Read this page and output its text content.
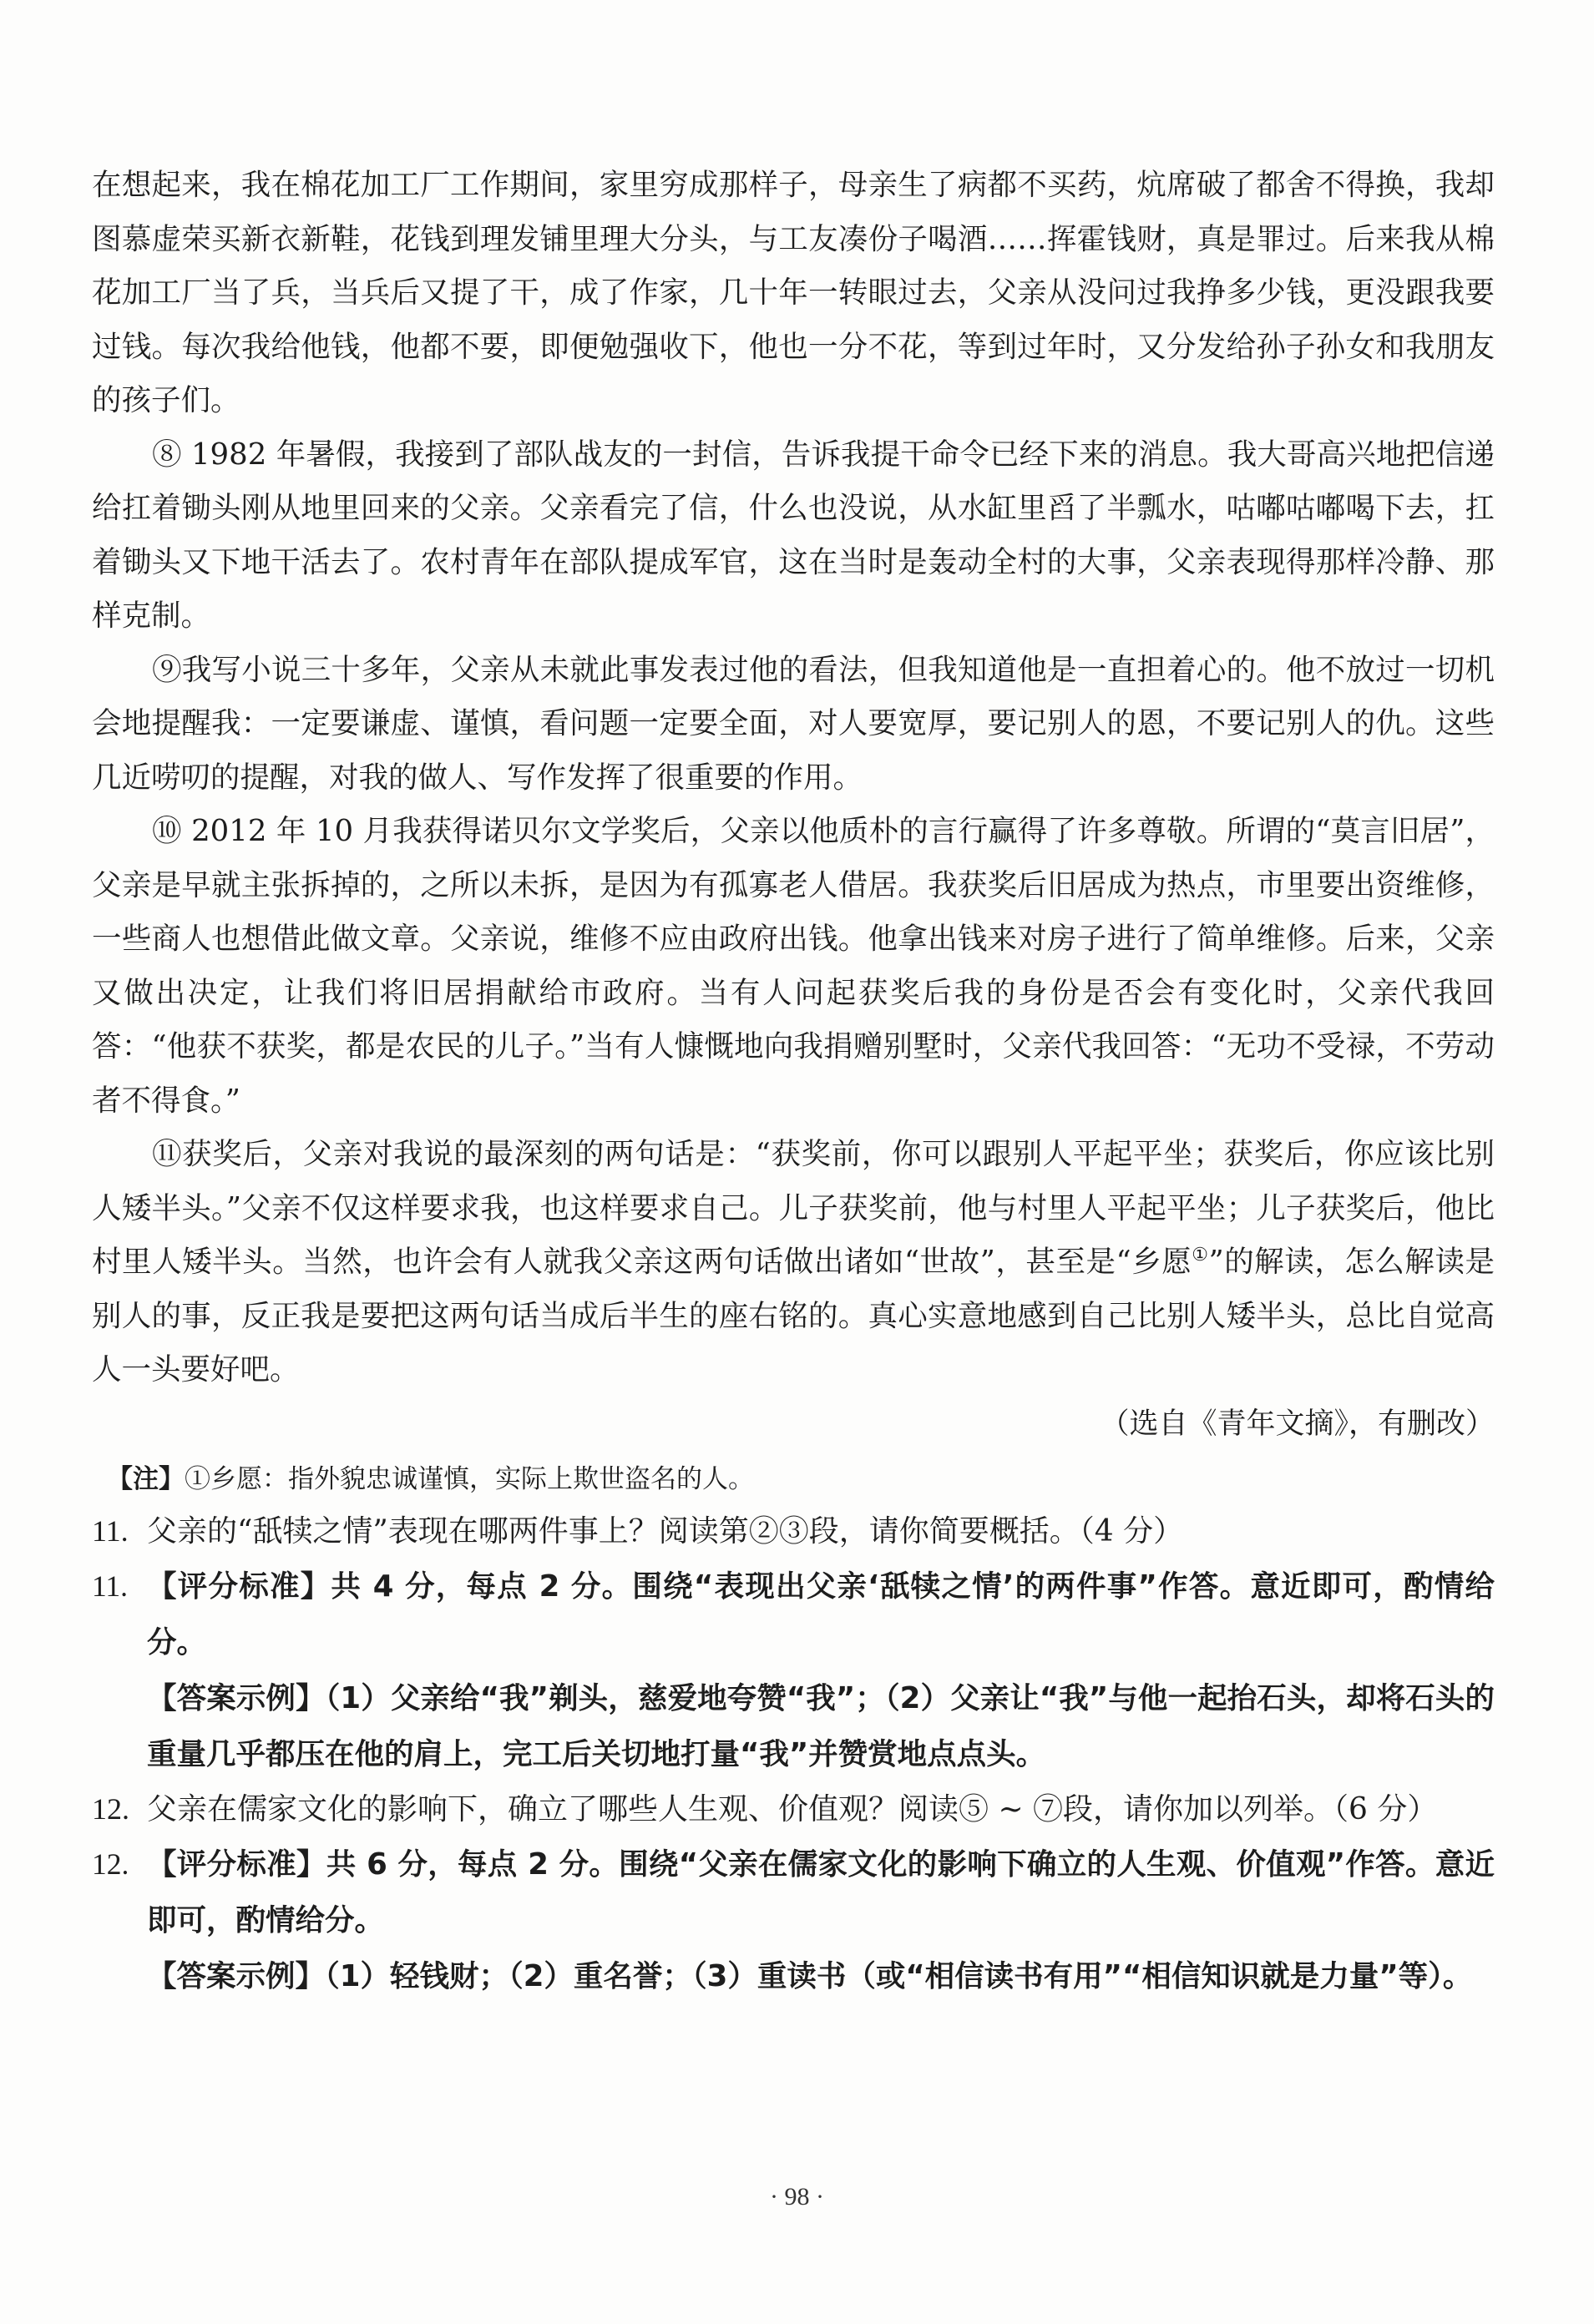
在想起来，我在棉花加工厂工作期间，家里穷成那样子，母亲生了病都不买药，炕席破了都舍不得换，我却图慕虚荣买新衣新鞋，花钱到理发铺里理大分头，与工友凑份子喝酒……挥霍钱财，真是罪过。后来我从棉花加工厂当了兵，当兵后又提了干，成了作家，几十年一转眼过去，父亲从没问过我挣多少钱，更没跟我要过钱。每次我给他钱，他都不要，即便勉强收下，他也一分不花，等到过年时，又分发给孙子孙女和我朋友的孩子们。

⑧ 1982 年暑假，我接到了部队战友的一封信，告诉我提干命令已经下来的消息。我大哥高兴地把信递给扛着锄头刚从地里回来的父亲。父亲看完了信，什么也没说，从水缸里舀了半瓢水，咕嘟咕嘟喝下去，扛着锄头又下地干活去了。农村青年在部队提成军官，这在当时是轰动全村的大事，父亲表现得那样冷静、那样克制。

⑨我写小说三十多年，父亲从未就此事发表过他的看法，但我知道他是一直担着心的。他不放过一切机会地提醒我：一定要谦虚、谨慎，看问题一定要全面，对人要宽厚，要记别人的恩，不要记别人的仇。这些几近唠叨的提醒，对我的做人、写作发挥了很重要的作用。

⑩ 2012 年 10 月我获得诺贝尔文学奖后，父亲以他质朴的言行赢得了许多尊敬。所谓的“莫言旧居”，父亲是早就主张拆掉的，之所以未拆，是因为有孤寡老人借居。我获奖后旧居成为热点，市里要出资维修，一些商人也想借此做文章。父亲说，维修不应由政府出钱。他拿出钱来对房子进行了简单维修。后来，父亲又做出决定，让我们将旧居捐献给市政府。当有人问起获奖后我的身份是否会有变化时，父亲代我回答：“他获不获奖，都是农民的儿子。”当有人慷慨地向我捐赠别墅时，父亲代我回答：“无功不受禄，不劳动者不得食。”

⑪获奖后，父亲对我说的最深刻的两句话是：“获奖前，你可以跟别人平起平坐；获奖后，你应该比别人矮半头。”父亲不仅这样要求我，也这样要求自己。儿子获奖前，他与村里人平起平坐；儿子获奖后，他比村里人矮半头。当然，也许会有人就我父亲这两句话做出诸如“世故”，甚至是“乡愿①”的解读，怎么解读是别人的事，反正我是要把这两句话当成后半生的座右铭的。真心实意地感到自己比别人矮半头，总比自觉高人一头要好吧。

（选自《青年文摘》，有删改）

【注】①乡愿：指外貌忠诚谨慎，实际上欺世盗名的人。

11. 父亲的“舐犊之情”表现在哪两件事上？阅读第②③段，请你简要概括。（4 分）
11. 【评分标准】共 4 分，每点 2 分。围绕“表现出父亲‘舐犊之情’的两件事”作答。意近即可，酌情给分。

【答案示例】（1）父亲给“我”剃头，慈爱地夸赞“我”；（2）父亲让“我”与他一起抬石头，却将石头的重量几乎都压在他的肩上，完工后关切地打量“我”并赞赏地点点头。

12. 父亲在儒家文化的影响下，确立了哪些人生观、价值观？阅读⑤ ~ ⑦段，请你加以列举。（6 分）
12. 【评分标准】共 6 分，每点 2 分。围绕“父亲在儒家文化的影响下确立的人生观、价值观”作答。意近即可，酌情给分。

【答案示例】（1）轻钱财；（2）重名誉；（3）重读书（或“相信读书有用”“相信知识就是力量”等）。

· 98 ·
